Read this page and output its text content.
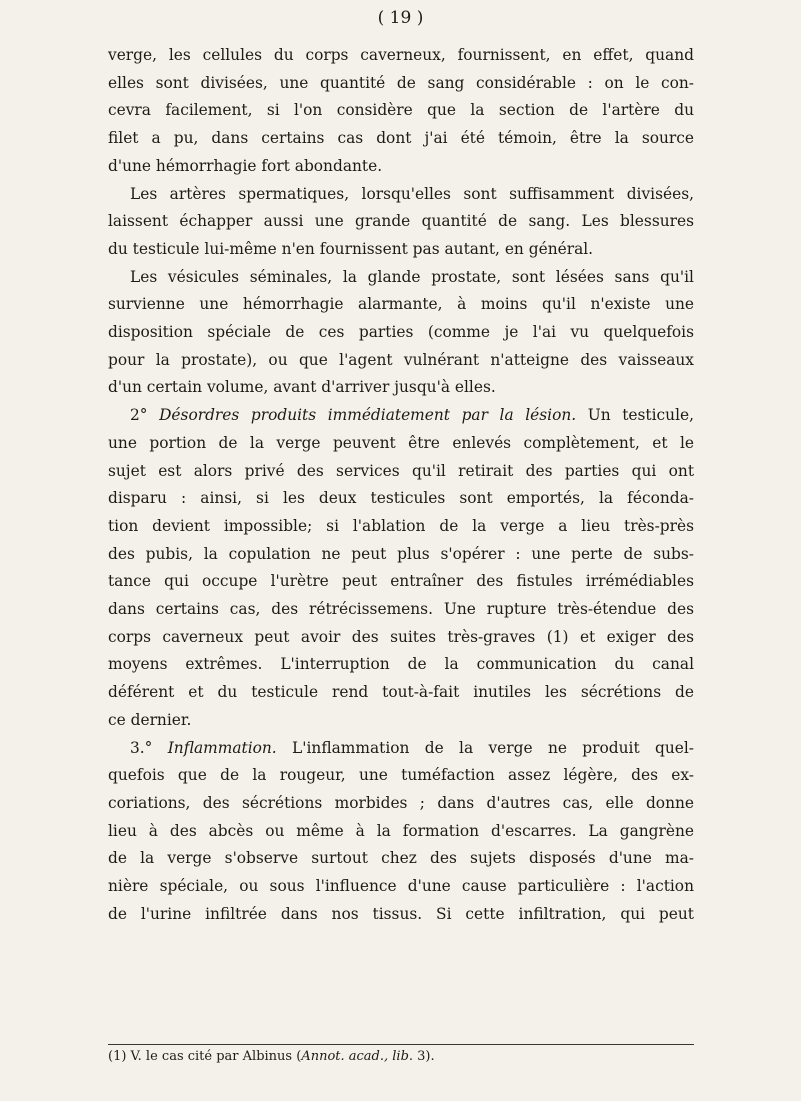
( 19 )
verge, les cellules du corps caverneux, fournissent, en effet, quand
elles sont divisées, une quantité de sang considérable : on le con-
cevra facilement, si l'on considère que la section de l'artère du
filet a pu, dans certains cas dont j'ai été témoin, être la source
d'une hémorrhagie fort abondante.
Les artères spermatiques, lorsqu'elles sont suffisamment divisées,
laissent échapper aussi une grande quantité de sang. Les blessures
du testicule lui-même n'en fournissent pas autant, en général.
Les vésicules séminales, la glande prostate, sont lésées sans qu'il
survienne une hémorrhagie alarmante, à moins qu'il n'existe une
disposition spéciale de ces parties (comme je l'ai vu quelquefois
pour la prostate), ou que l'agent vulnérant n'atteigne des vaisseaux
d'un certain volume, avant d'arriver jusqu'à elles.
2° Désordres produits immédiatement par la lésion. Un testicule,
une portion de la verge peuvent être enlevés complètement, et le
sujet est alors privé des services qu'il retirait des parties qui ont
disparu : ainsi, si les deux testicules sont emportés, la féconda-
tion devient impossible; si l'ablation de la verge a lieu très-près
des pubis, la copulation ne peut plus s'opérer : une perte de subs-
tance qui occupe l'urètre peut entraîner des fistules irrémédiables
dans certains cas, des rétrécissemens. Une rupture très-étendue des
corps caverneux peut avoir des suites très-graves (1) et exiger des
moyens extrêmes. L'interruption de la communication du canal
déférent et du testicule rend tout-à-fait inutiles les sécrétions de
ce dernier.
3.° Inflammation. L'inflammation de la verge ne produit quel-
quefois que de la rougeur, une tuméfaction assez légère, des ex-
coriations, des sécrétions morbides ; dans d'autres cas, elle donne
lieu à des abcès ou même à la formation d'escarres. La gangrène
de la verge s'observe surtout chez des sujets disposés d'une ma-
nière spéciale, ou sous l'influence d'une cause particulière : l'action
de l'urine infiltrée dans nos tissus. Si cette infiltration, qui peut
(1) V. le cas cité par Albinus (Annot. acad., lib. 3).
